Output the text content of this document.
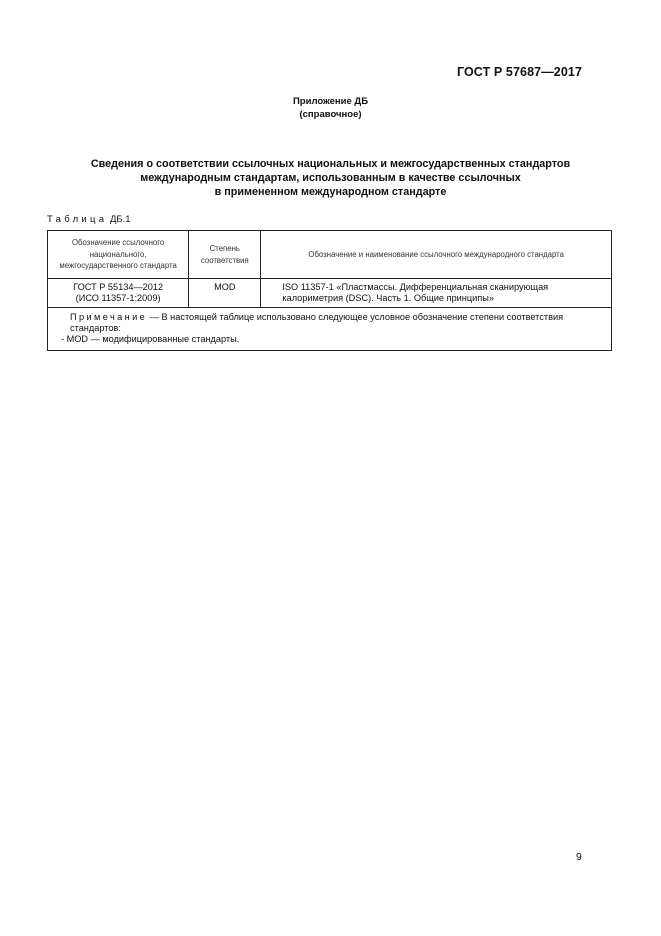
ГОСТ Р 57687—2017
Приложение ДБ
(справочное)
Сведения о соответствии ссылочных национальных и межгосударственных стандартов
международным стандартам, использованным в качестве ссылочных
в примененном международном стандарте
Таблица ДБ.1
Обозначение ссылочного национального, межгосударственного стандарта	Степень соответствия	Обозначение и наименование ссылочного международного стандарта

ГОСТ Р 55134—2012
(ИСО 11357-1:2009)	MOD	ISO 11357-1 «Пластмассы. Дифференциальная сканирующая калориметрия (DSC). Часть 1. Общие принципы»

Примечание — В настоящей таблице использовано следующее условное обозначение степени соответствия стандартов:
- MOD — модифицированные стандарты.		
9
